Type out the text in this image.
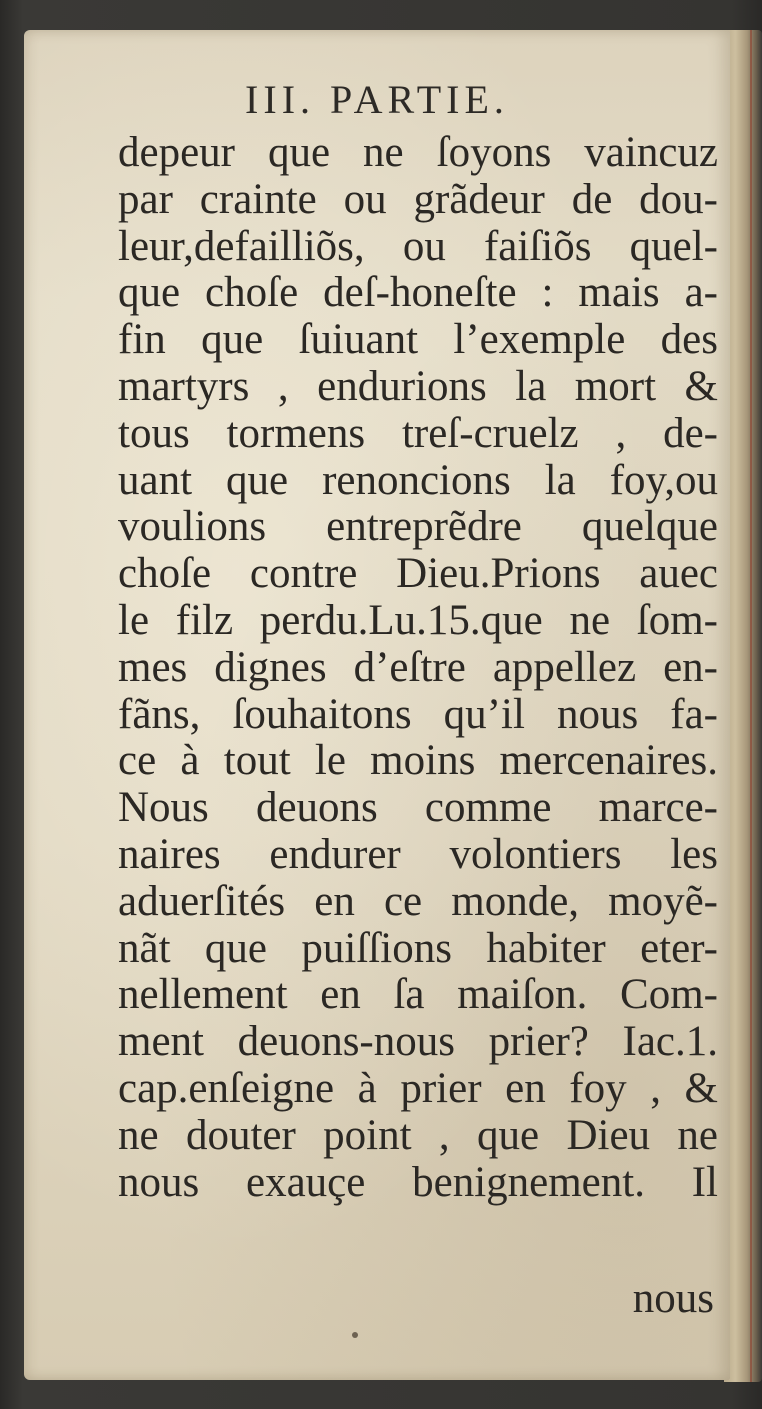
III. PARTIE.
depeur que ne ſoyons vaincuz
par crainte ou grãdeur de dou-
leur,defailliõs, ou faiſiõs quel-
que choſe deſ-honeſte : mais a-
fin que ſuiuant l’exemple des
martyrs , endurions la mort &
tous tormens treſ-cruelz , de-
uant que renoncions la foy,ou
voulions entreprẽdre quelque
choſe contre Dieu.Prions auec
le filz perdu.Lu.15.que ne ſom-
mes dignes d’eſtre appellez en-
fãns, ſouhaitons qu’il nous fa-
ce à tout le moins mercenaires.
Nous deuons comme marce-
naires endurer volontiers les
aduerſités en ce monde, moyẽ-
nãt que puiſſions habiter eter-
nellement en ſa maiſon. Com-
ment deuons-nous prier? Iac.1.
cap.enſeigne à prier en foy , &
ne douter point , que Dieu ne
nous exauçe benignement. Il
nous
